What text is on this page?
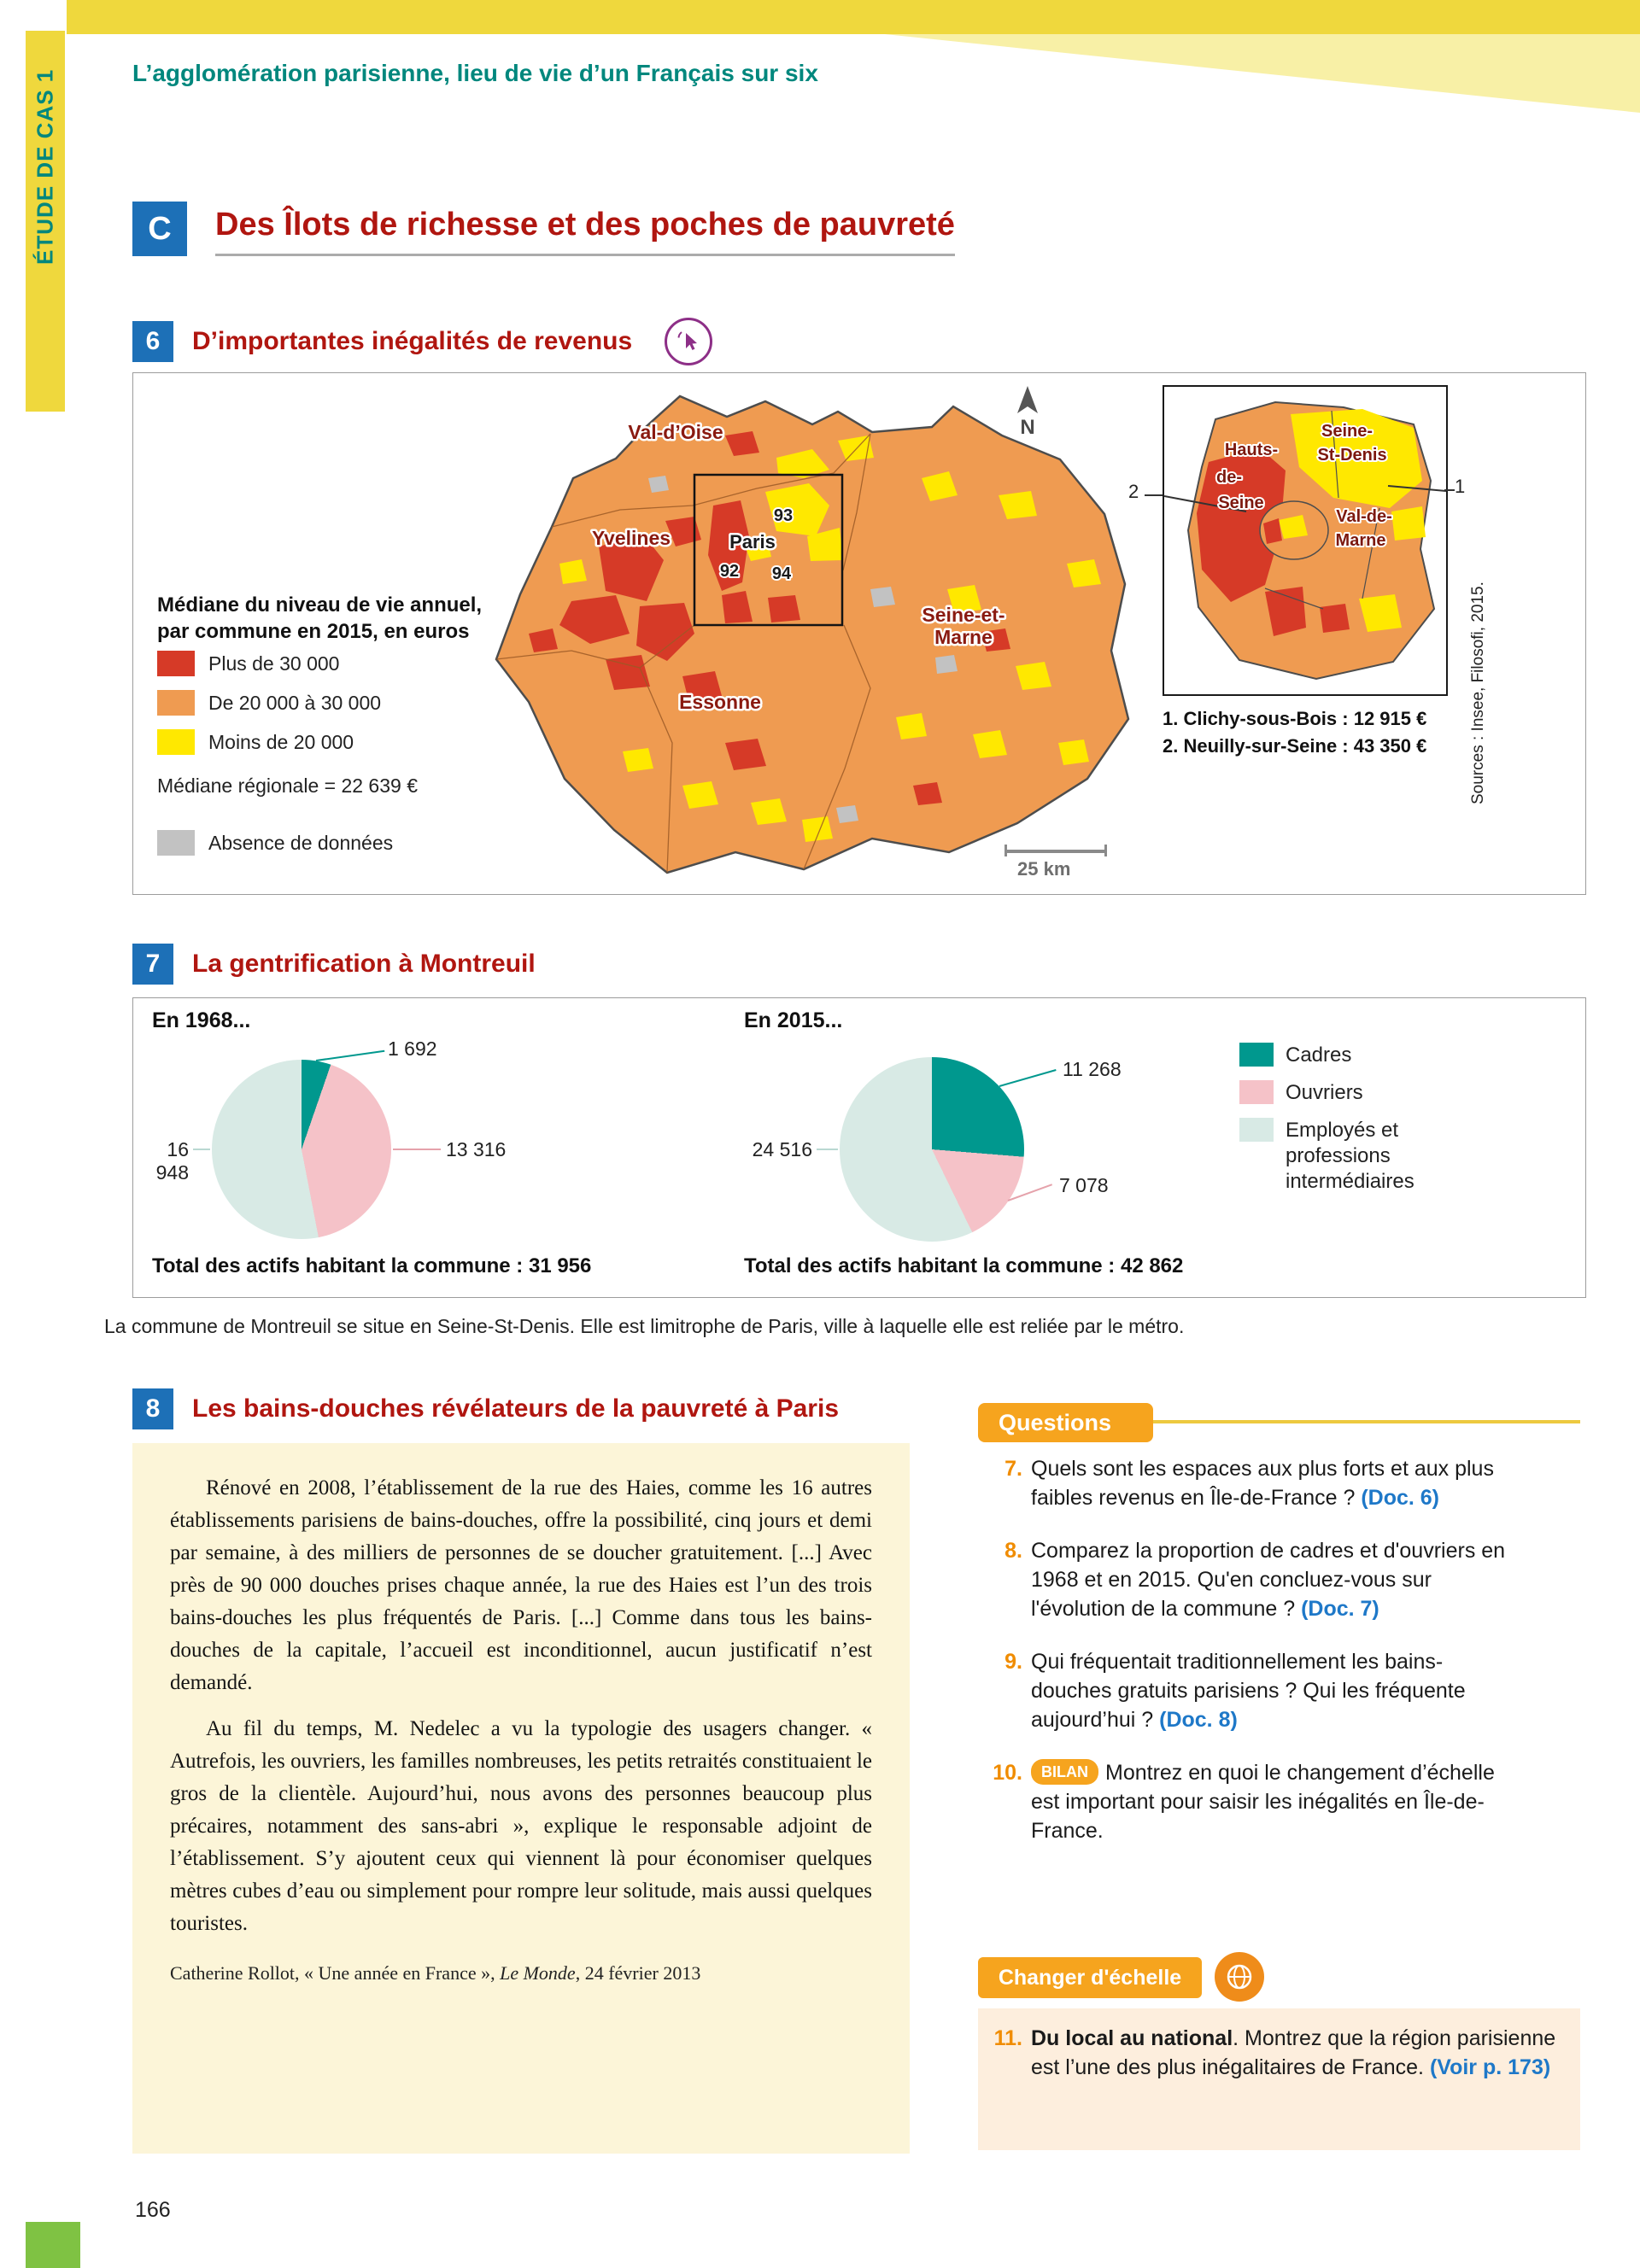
ÉTUDE DE CAS 1	L’agglomération parisienne, lieu de vie d’un Français sur six
C	Des Îlots de richesse et des poches de pauvreté
6	D’importantes inégalités de revenus
Médiane du niveau de vie annuel,
par commune en 2015, en euros
Plus de 30 000
De 20 000 à 30 000
Moins de 20 000
Médiane régionale = 22 639 €
Absence de données
N
Val-d’Oise
Yvelines
93
Paris
92 94
Seine-et-
Marne
Essonne
Hauts-
de-
Seine
Seine-
St-Denis
Val-de-
Marne
2	1
1. Clichy-sous-Bois : 12 915 €
2. Neuilly-sur-Seine : 43 350 €
25 km
Sources : Insee, Filosofi, 2015.
7	La gentrification à Montreuil
En 1968...
1 692
13 316
16 948
Total des actifs habitant la commune : 31 956
En 2015...
11 268
7 078
24 516
Total des actifs habitant la commune : 42 862
Cadres
Ouvriers
Employés et professions intermédiaires
La commune de Montreuil se situe en Seine-St-Denis. Elle est limitrophe de Paris, ville à laquelle elle est reliée par le métro.
8	Les bains-douches révélateurs de la pauvreté à Paris

Rénové en 2008, l’établissement de la rue des Haies, comme les 16 autres établissements parisiens de bains-douches, offre la possibilité, cinq jours et demi par semaine, à des milliers de personnes de se doucher gratuitement. [...] Avec près de 90 000 douches prises chaque année, la rue des Haies est l’un des trois bains-douches les plus fréquentés de Paris. [...] Comme dans tous les bains-douches de la capitale, l’accueil est inconditionnel, aucun justificatif n’est demandé.

Au fil du temps, M. Nedelec a vu la typologie des usagers changer. « Autrefois, les ouvriers, les familles nombreuses, les petits retraités constituaient le gros de la clientèle. Aujourd’hui, nous avons des personnes beaucoup plus précaires, notamment des sans-abri », explique le responsable adjoint de l’établissement. S’y ajoutent ceux qui viennent là pour économiser quelques mètres cubes d’eau ou simplement pour rompre leur solitude, mais aussi quelques touristes.

Catherine Rollot, « Une année en France », Le Monde, 24 février 2013
Questions
7. Quels sont les espaces aux plus forts et aux plus faibles revenus en Île-de-France ? (Doc. 6)
8. Comparez la proportion de cadres et d'ouvriers en 1968 et en 2015. Qu'en concluez-vous sur l'évolution de la commune ? (Doc. 7)
9. Qui fréquentait traditionnellement les bains-douches gratuits parisiens ? Qui les fréquente aujourd’hui ? (Doc. 8)
10.	BILAN Montrez en quoi le changement d’échelle est important pour saisir les inégalités en Île-de-France.
Changer d'échelle
11. Du local au national. Montrez que la région parisienne est l’une des plus inégalitaires de France. (Voir p. 173)
166
